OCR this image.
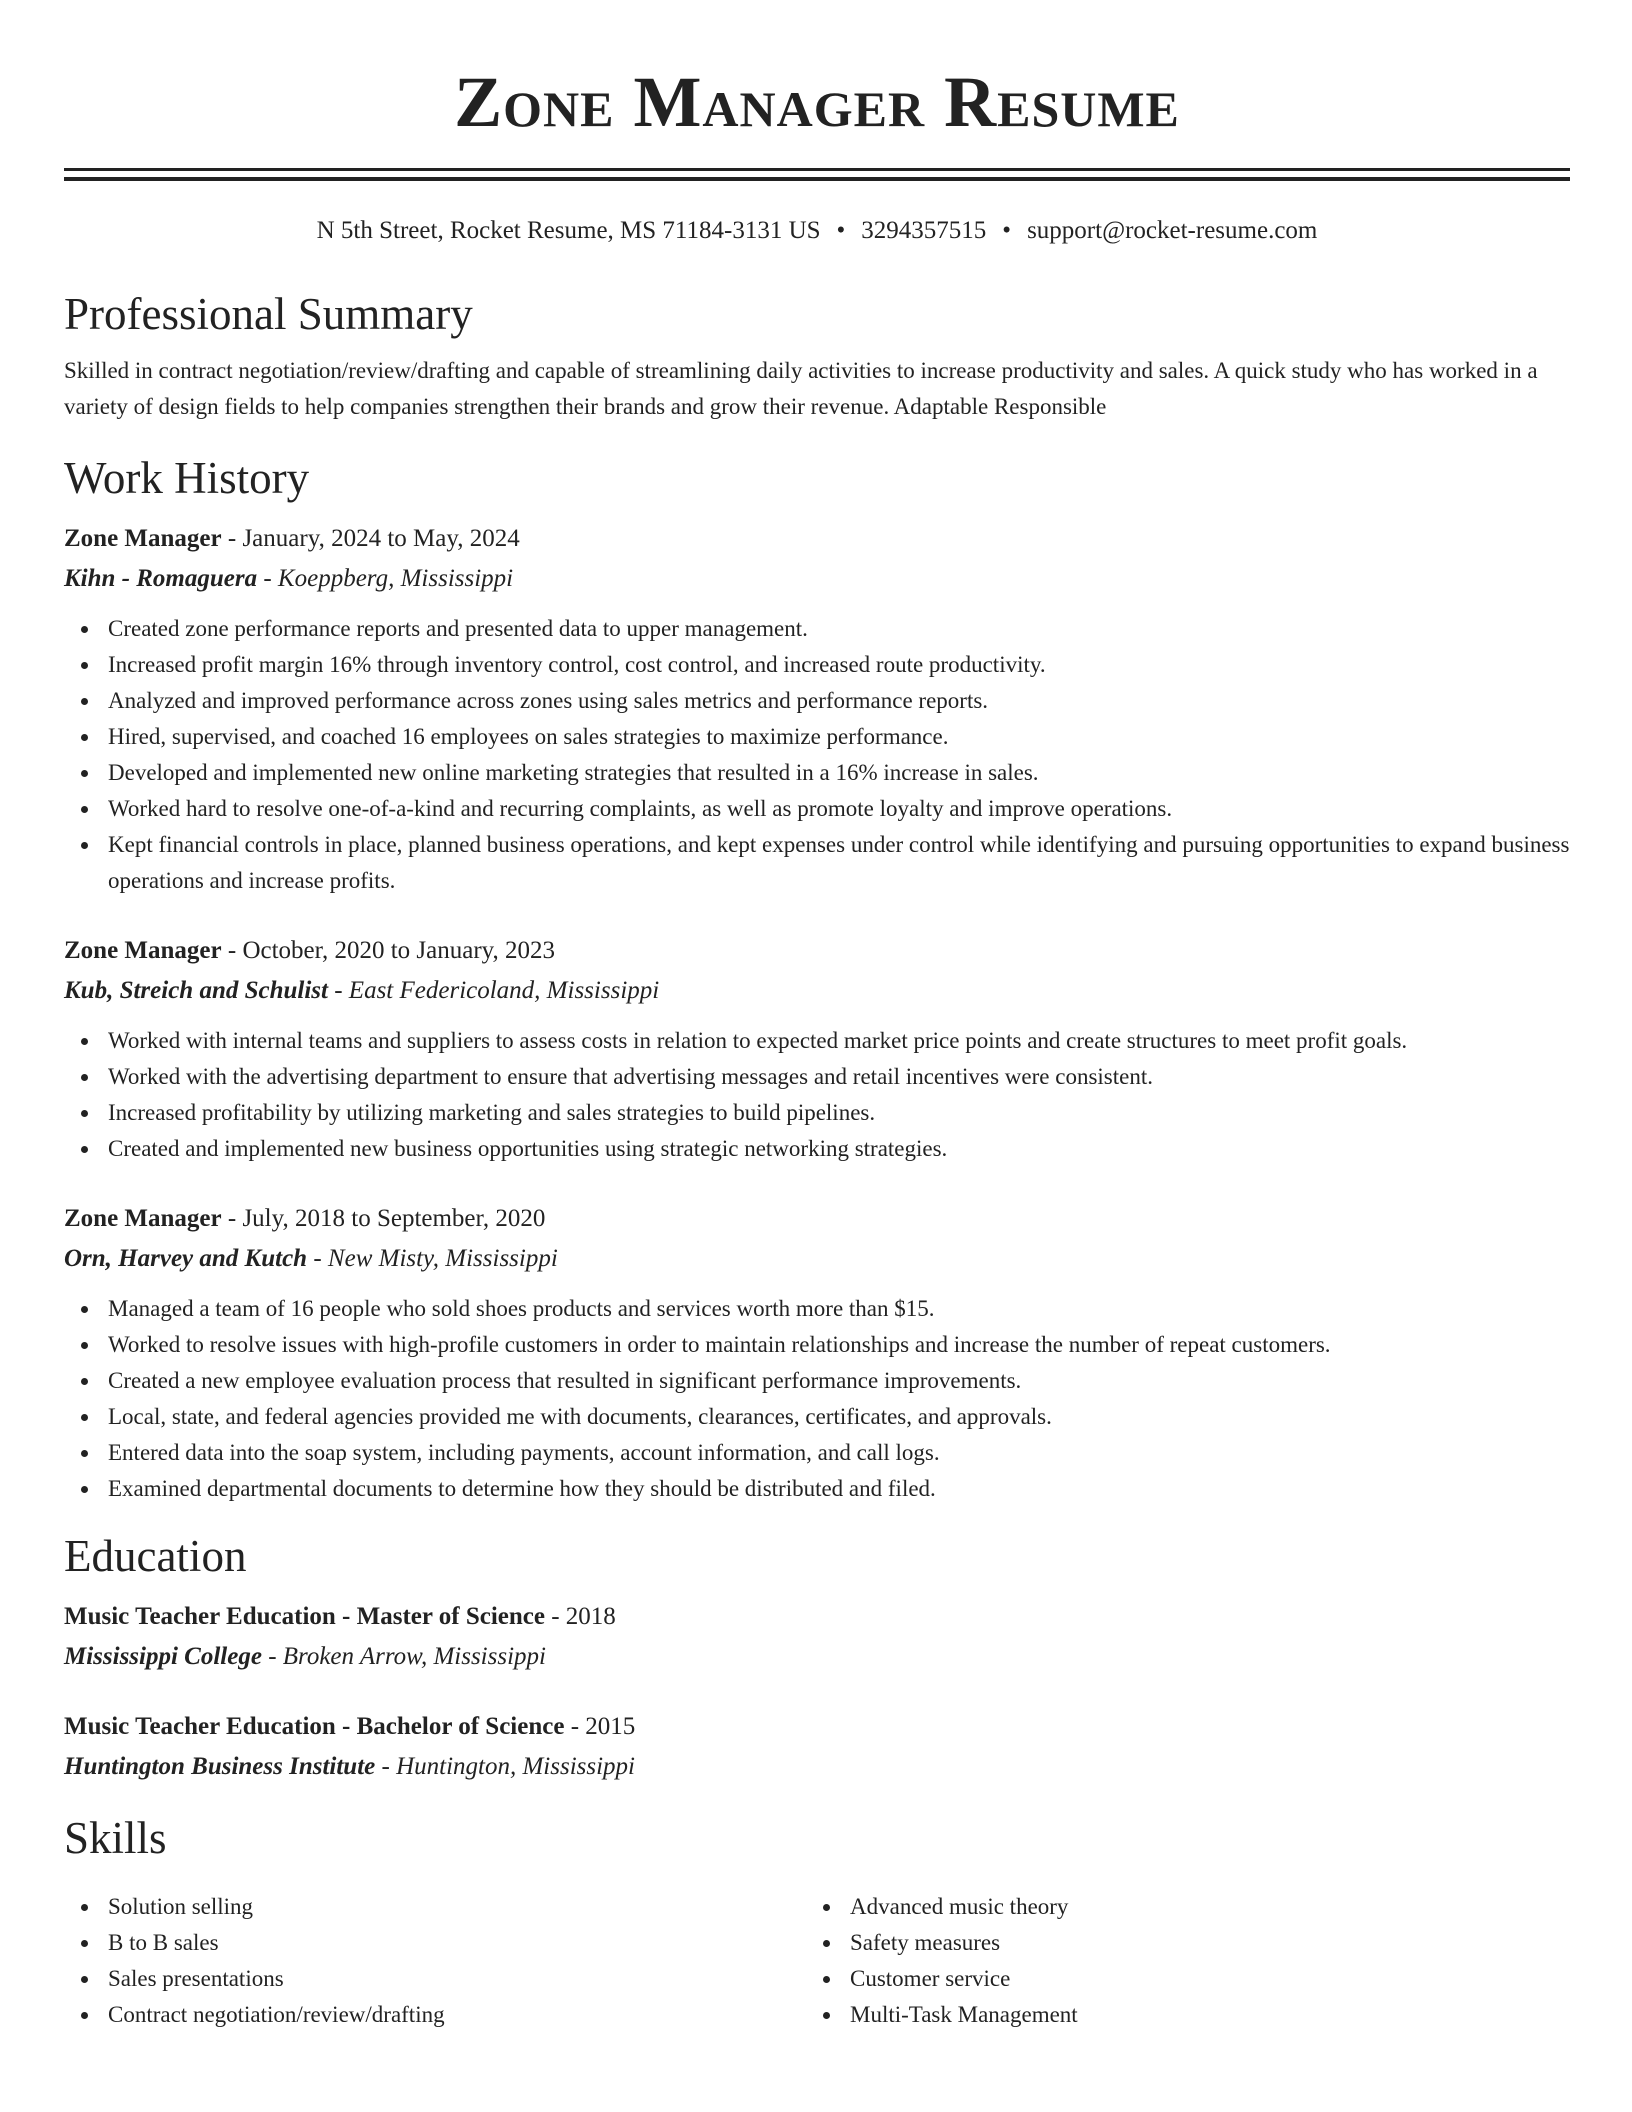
Zone Manager Resume
N 5th Street, Rocket Resume, MS 71184-3131 US • 3294357515 • support@rocket-resume.com
Professional Summary

Skilled in contract negotiation/review/drafting and capable of streamlining daily activities to increase productivity and sales. A quick study who has worked in a variety of design fields to help companies strengthen their brands and grow their revenue. Adaptable Responsible

Work History
Zone Manager - January, 2024 to May, 2024
Kihn - Romaguera - Koeppberg, Mississippi
Created zone performance reports and presented data to upper management.
Increased profit margin 16% through inventory control, cost control, and increased route productivity.
Analyzed and improved performance across zones using sales metrics and performance reports.
Hired, supervised, and coached 16 employees on sales strategies to maximize performance.
Developed and implemented new online marketing strategies that resulted in a 16% increase in sales.
Worked hard to resolve one-of-a-kind and recurring complaints, as well as promote loyalty and improve operations.
Kept financial controls in place, planned business operations, and kept expenses under control while identifying and pursuing opportunities to expand business operations and increase profits.
Zone Manager - October, 2020 to January, 2023
Kub, Streich and Schulist - East Federicoland, Mississippi
Worked with internal teams and suppliers to assess costs in relation to expected market price points and create structures to meet profit goals.
Worked with the advertising department to ensure that advertising messages and retail incentives were consistent.
Increased profitability by utilizing marketing and sales strategies to build pipelines.
Created and implemented new business opportunities using strategic networking strategies.
Zone Manager - July, 2018 to September, 2020
Orn, Harvey and Kutch - New Misty, Mississippi
Managed a team of 16 people who sold shoes products and services worth more than $15.
Worked to resolve issues with high-profile customers in order to maintain relationships and increase the number of repeat customers.
Created a new employee evaluation process that resulted in significant performance improvements.
Local, state, and federal agencies provided me with documents, clearances, certificates, and approvals.
Entered data into the soap system, including payments, account information, and call logs.
Examined departmental documents to determine how they should be distributed and filed.
Education
Music Teacher Education - Master of Science - 2018
Mississippi College - Broken Arrow, Mississippi
Music Teacher Education - Bachelor of Science - 2015
Huntington Business Institute - Huntington, Mississippi
Skills
Solution selling
B to B sales
Sales presentations
Contract negotiation/review/drafting
Advanced music theory
Safety measures
Customer service
Multi-Task Management
